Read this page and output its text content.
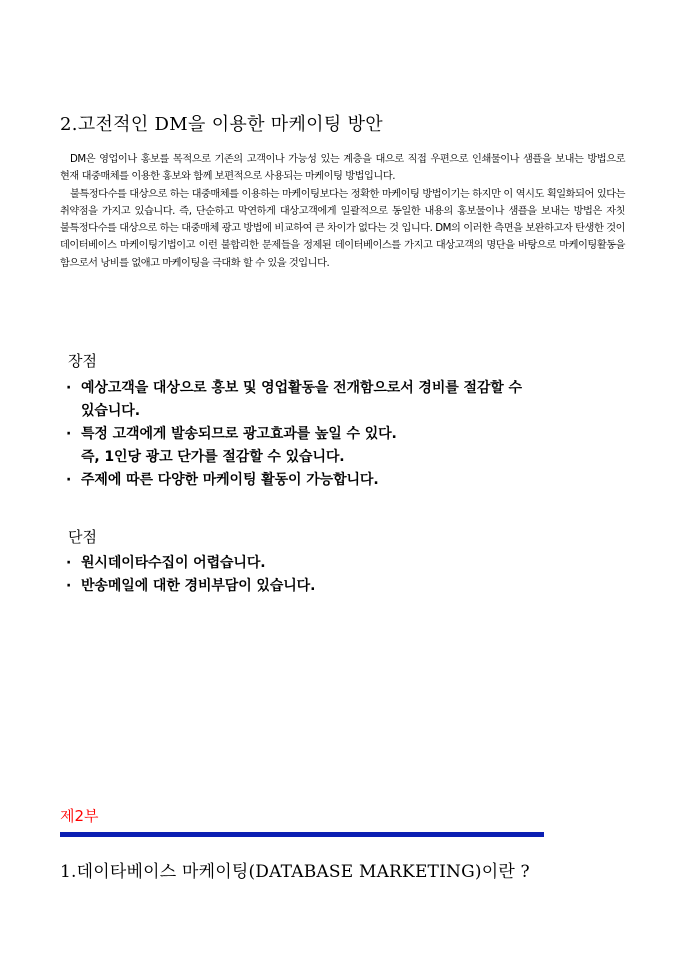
2.고전적인 DM을 이용한 마케이팅 방안

DM은 영업이나 홍보를 목적으로 기존의 고객이나 가능성 있는 계층을 대으로 직접 우편으로 인쇄물이나 샘플을 보내는 방법으로 현재 대중매체를 이용한 홍보와 함께 보편적으로 사용되는 마케이팅 방법입니다.

불특정다수를 대상으로 하는 대중매체를 이용하는 마케이팅보다는 정확한 마케이팅 방법이기는 하지만 이 역시도 획일화되어 있다는 취약점을 가지고 있습니다. 즉, 단순하고 막연하게 대상고객에게 일괄적으로 동일한 내용의 홍보물이나 샘플을 보내는 방법은 자칫 불특정다수를 대상으로 하는 대중매체 광고 방법에 비교하여 큰 차이가 없다는 것 입니다. DM의 이러한 측면을 보완하고자 탄생한 것이 데이터베이스 마케이팅기법이고 이런 불합리한 문제들을 정제된 데이터베이스를 가지고 대상고객의 명단을 바탕으로 마케이팅활동을 함으로서 낭비를 없애고 마케이팅을 극대화 할 수 있을 것입니다.

장점
· 예상고객을 대상으로 홍보 및 영업활동을 전개함으로서 경비를 절감할 수
있습니다.
· 특정 고객에게 발송되므로 광고효과를 높일 수 있다.
즉, 1인당 광고 단가를 절감할 수 있습니다.
· 주제에 따른 다양한 마케이팅 활동이 가능합니다.
단점
· 원시데이타수집이 어렵습니다.
· 반송메일에 대한 경비부담이 있습니다.
제2부
1.데이타베이스 마케이팅(DATABASE MARKETING)이란 ?
